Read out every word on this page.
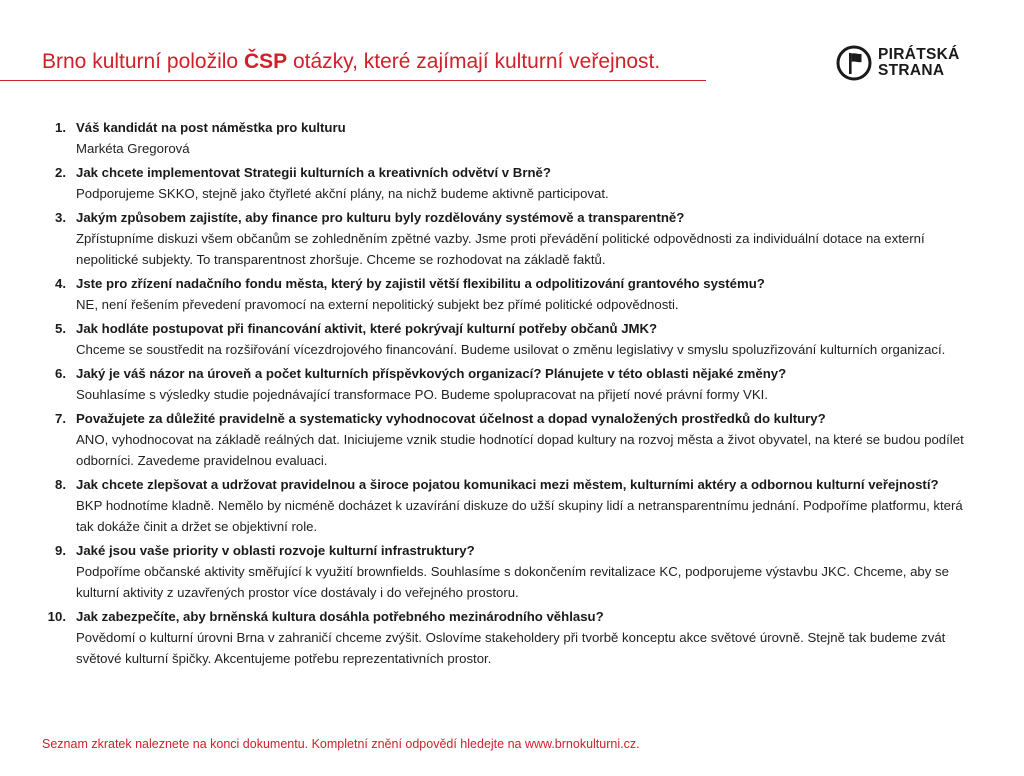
Brno kulturní položilo ČSP otázky, které zajímají kulturní veřejnost.	PIRÁTSKÁ
STRANA
1. Váš kandidát na post náměstka pro kulturu
Markéta Gregorová
2. Jak chcete implementovat Strategii kulturních a kreativních odvětví v Brně?
Podporujeme SKKO, stejně jako čtyřleté akční plány, na nichž budeme aktivně participovat.
3. Jakým způsobem zajistíte, aby finance pro kulturu byly rozdělovány systémově a transparentně?
Zpřístupníme diskuzi všem občanům se zohledněním zpětné vazby. Jsme proti převádění politické odpovědnosti za individuální dotace na externí nepolitické subjekty. To transparentnost zhoršuje. Chceme se rozhodovat na základě faktů.
4. Jste pro zřízení nadačního fondu města, který by zajistil větší flexibilitu a odpolitizování grantového systému?
NE, není řešením převedení pravomocí na externí nepolitický subjekt bez přímé politické odpovědnosti.
5. Jak hodláte postupovat při financování aktivit, které pokrývají kulturní potřeby občanů JMK?
Chceme se soustředit na rozšiřování vícezdrojového financování. Budeme usilovat o změnu legislativy v smyslu spoluzřizování kulturních organizací.
6. Jaký je váš názor na úroveň a počet kulturních příspěvkových organizací? Plánujete v této oblasti nějaké změny?
Souhlasíme s výsledky studie pojednávající transformace PO. Budeme spolupracovat na přijetí nové právní formy VKI.
7. Považujete za důležité pravidelně a systematicky vyhodnocovat účelnost a dopad vynaložených prostředků do kultury?
ANO, vyhodnocovat na základě reálných dat. Iniciujeme vznik studie hodnotící dopad kultury na rozvoj města a život obyvatel, na které se budou podílet odborníci. Zavedeme pravidelnou evaluaci.
8. Jak chcete zlepšovat a udržovat pravidelnou a široce pojatou komunikaci mezi městem, kulturními aktéry a odbornou kulturní veřejností?
BKP hodnotíme kladně. Nemělo by nicméně docházet k uzavírání diskuze do užší skupiny lidí a netransparentnímu jednání. Podpoříme platformu, která tak dokáže činit a držet se objektivní role.
9. Jaké jsou vaše priority v oblasti rozvoje kulturní infrastruktury?
Podpoříme občanské aktivity směřující k využití brownfields. Souhlasíme s dokončením revitalizace KC, podporujeme výstavbu JKC. Chceme, aby se kulturní aktivity z uzavřených prostor více dostávaly i do veřejného prostoru.
10. Jak zabezpečíte, aby brněnská kultura dosáhla potřebného mezinárodního věhlasu?
Povědomí o kulturní úrovni Brna v zahraničí chceme zvýšit. Oslovíme stakeholdery při tvorbě konceptu akce světové úrovně. Stejně tak budeme zvát světové kulturní špičky. Akcentujeme potřebu reprezentativních prostor.
Seznam zkratek naleznete na konci dokumentu. Kompletní znění odpovědí hledejte na www.brnokulturni.cz.
